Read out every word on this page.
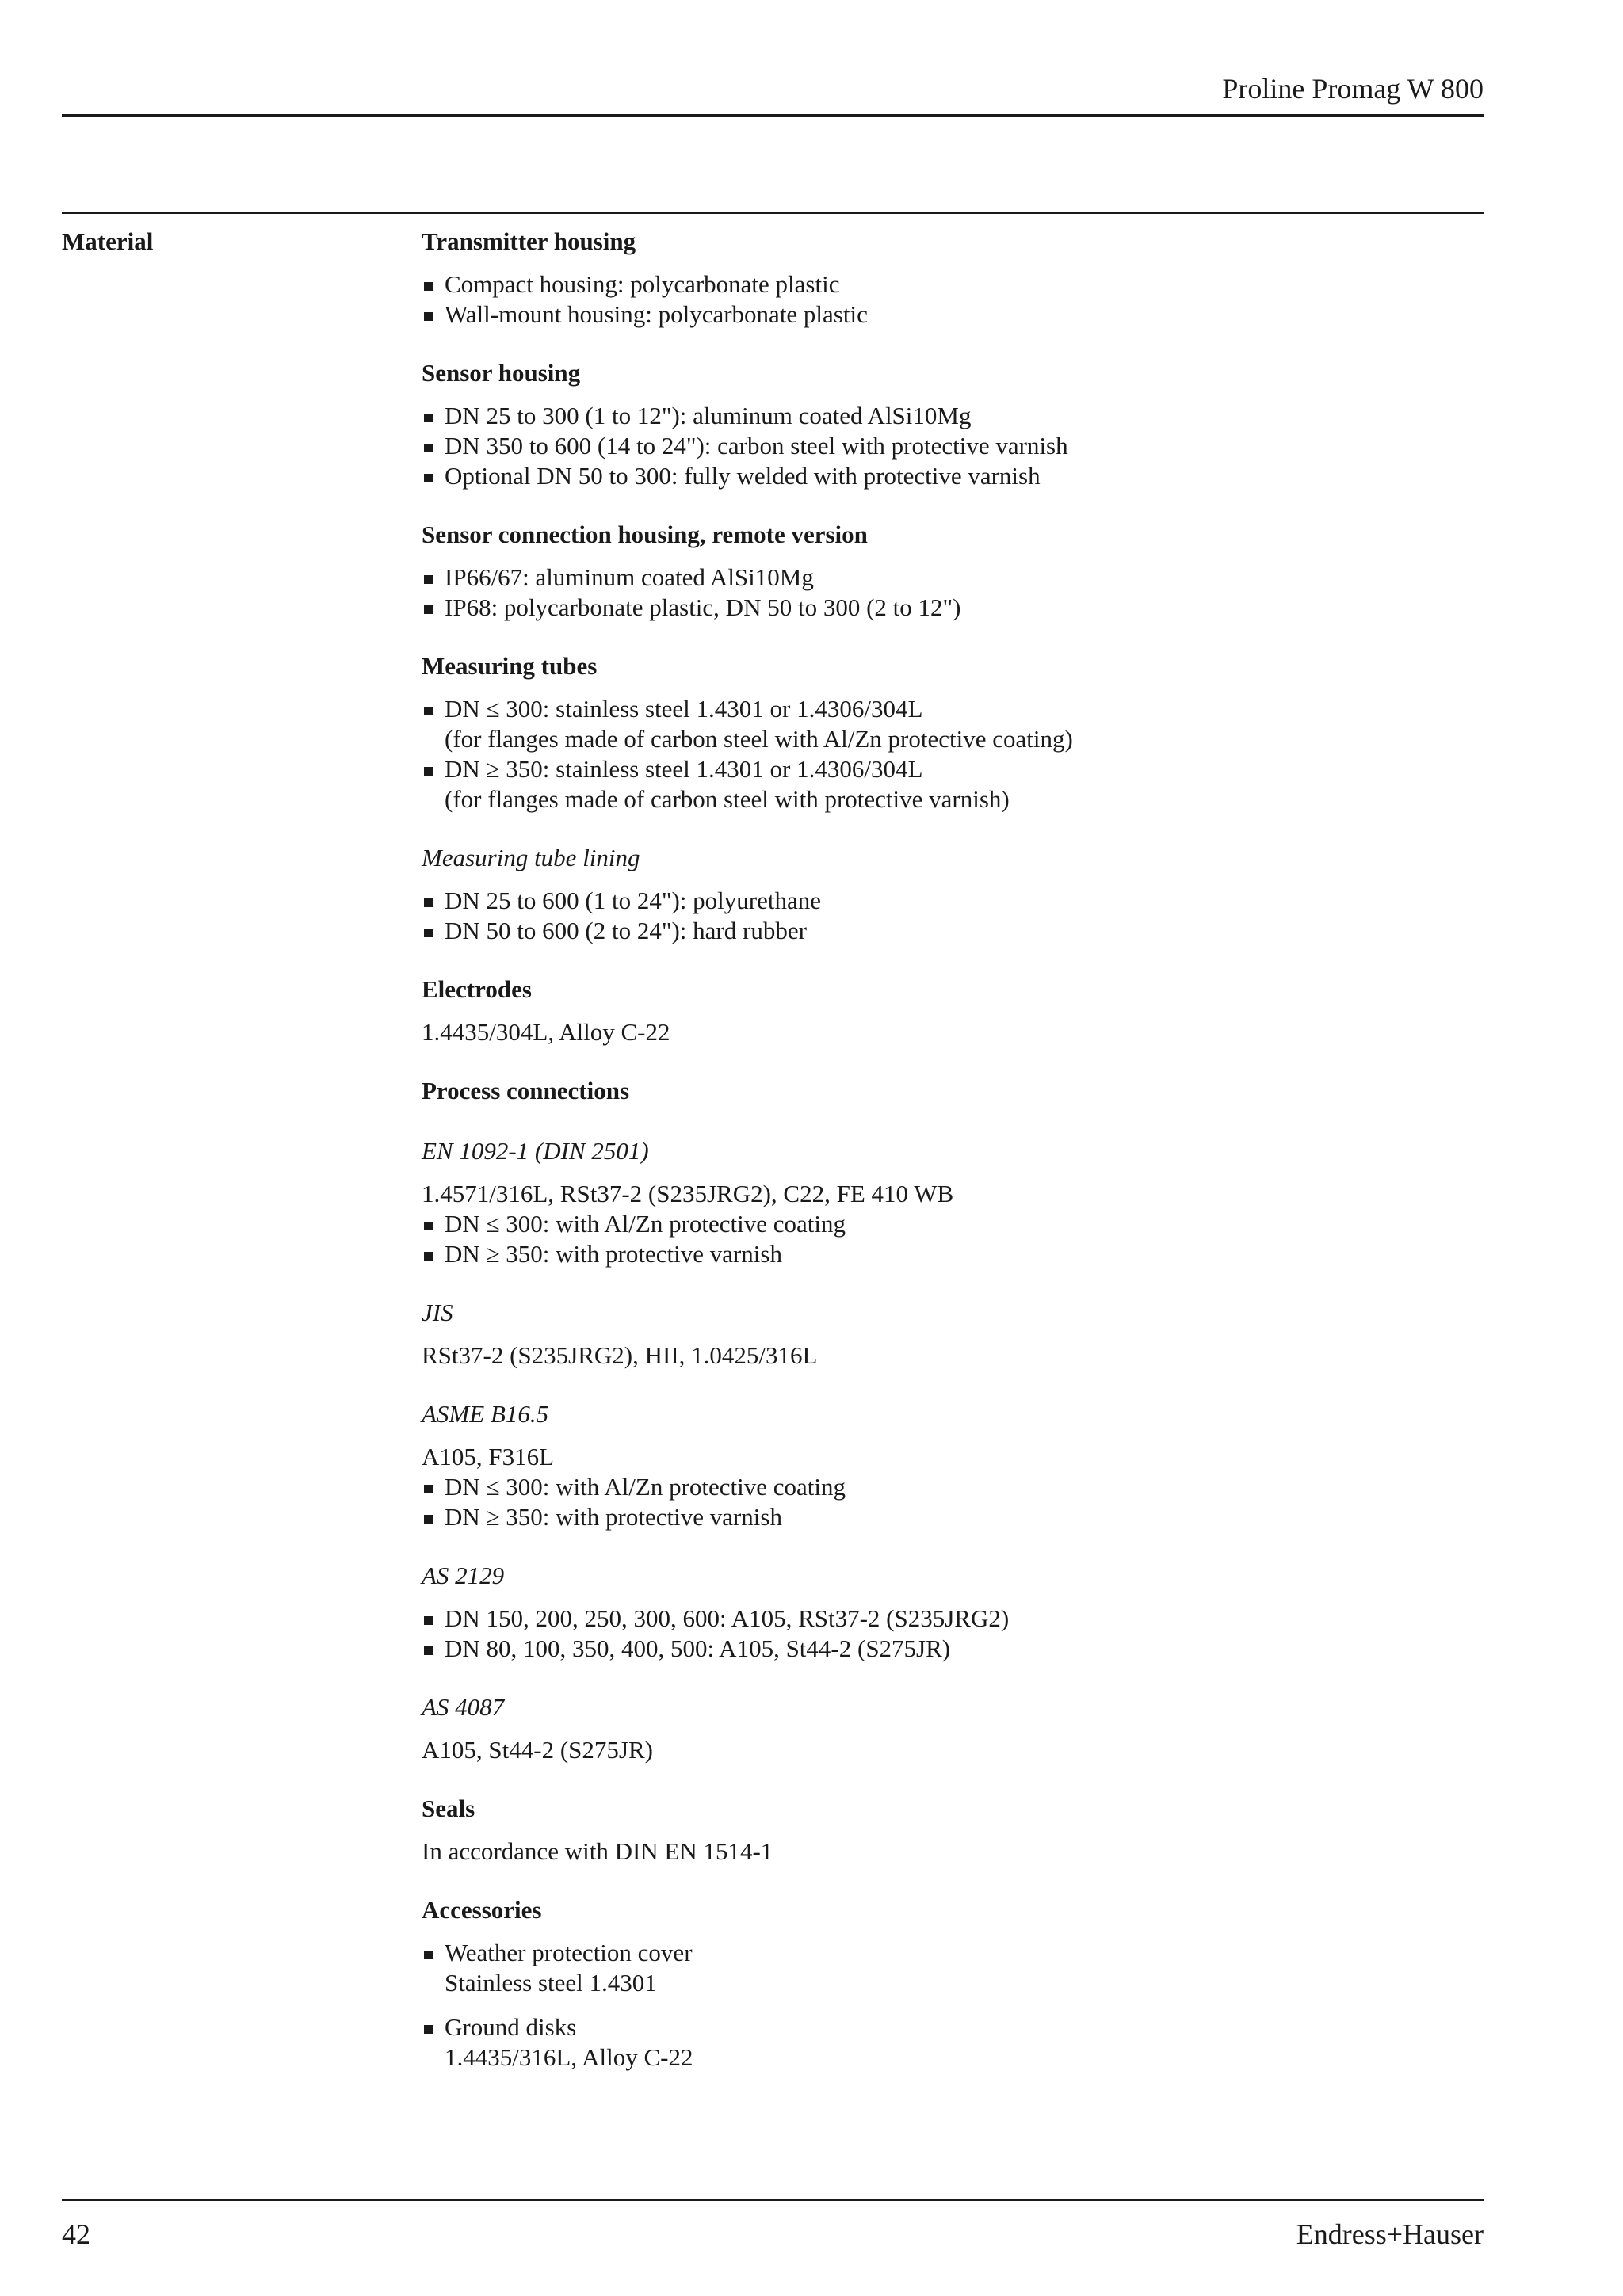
Proline Promag W 800
Material	Transmitter housing
Compact housing: polycarbonate plastic
Wall-mount housing: polycarbonate plastic
Sensor housing
DN 25 to 300 (1 to 12"): aluminum coated AlSi10Mg
DN 350 to 600 (14 to 24"): carbon steel with protective varnish
Optional DN 50 to 300: fully welded with protective varnish
Sensor connection housing, remote version
IP66/67: aluminum coated AlSi10Mg
IP68: polycarbonate plastic, DN 50 to 300 (2 to 12")
Measuring tubes
DN ≤ 300: stainless steel 1.4301 or 1.4306/304L
(for flanges made of carbon steel with Al/Zn protective coating)
DN ≥ 350: stainless steel 1.4301 or 1.4306/304L
(for flanges made of carbon steel with protective varnish)
Measuring tube lining
DN 25 to 600 (1 to 24"): polyurethane
DN 50 to 600 (2 to 24"): hard rubber
Electrodes

1.4435/304L, Alloy C-22

Process connections
EN 1092-1 (DIN 2501)

1.4571/316L, RSt37-2 (S235JRG2), C22, FE 410 WB

DN ≤ 300: with Al/Zn protective coating
DN ≥ 350: with protective varnish
JIS

RSt37-2 (S235JRG2), HII, 1.0425/316L

ASME B16.5

A105, F316L

DN ≤ 300: with Al/Zn protective coating
DN ≥ 350: with protective varnish
AS 2129
DN 150, 200, 250, 300, 600: A105, RSt37-2 (S235JRG2)
DN 80, 100, 350, 400, 500: A105, St44-2 (S275JR)
AS 4087

A105, St44-2 (S275JR)

Seals

In accordance with DIN EN 1514-1

Accessories
Weather protection cover
Stainless steel 1.4301
Ground disks
1.4435/316L, Alloy C-22
42	Endress+Hauser
